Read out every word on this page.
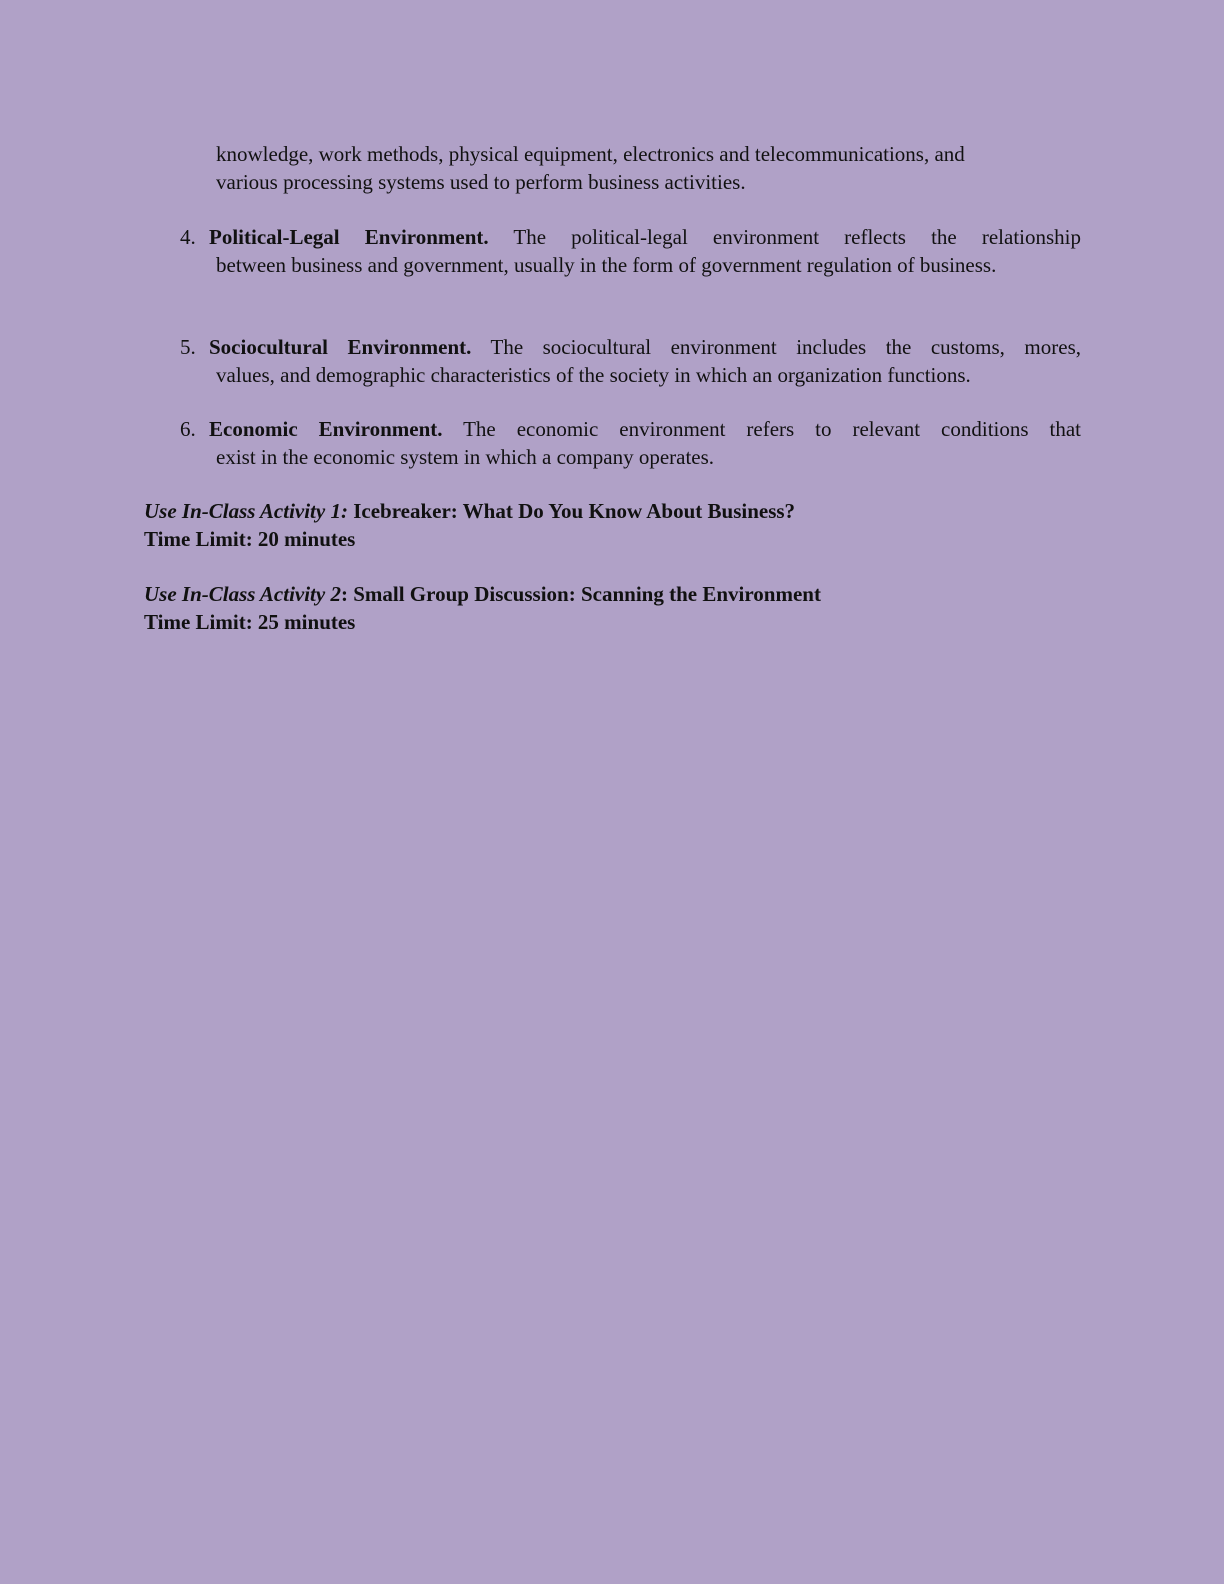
knowledge, work methods, physical equipment, electronics and telecommunications, and
various processing systems used to perform business activities.
4. Political-Legal Environment. The political-legal environment reflects the relationship
between business and government, usually in the form of government regulation of business.
5. Sociocultural Environment. The sociocultural environment includes the customs, mores,
values, and demographic characteristics of the society in which an organization functions.
6. Economic Environment. The economic environment refers to relevant conditions that
exist in the economic system in which a company operates.
Use In-Class Activity 1: Icebreaker: What Do You Know About Business?
Time Limit: 20 minutes
Use In-Class Activity 2: Small Group Discussion: Scanning the Environment
Time Limit: 25 minutes
